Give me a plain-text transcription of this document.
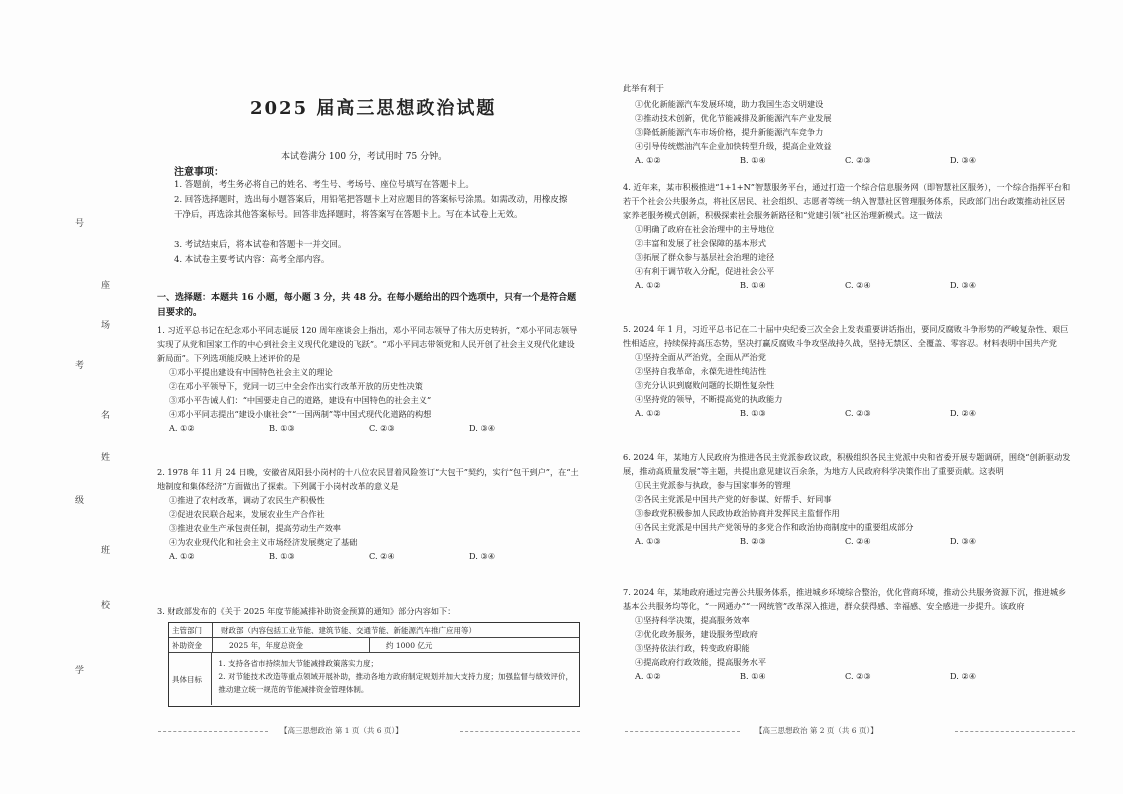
号
座
场
考
名
姓
级
班
校
学
2025 届高三思想政治试题
本试卷满分 100 分，考试用时 75 分钟。
注意事项：
1. 答题前，考生务必将自己的姓名、考生号、考场号、座位号填写在答题卡上。
2. 回答选择题时，选出每小题答案后，用铅笔把答题卡上对应题目的答案标号涂黑。如需改动，用橡皮擦干净后，再选涂其他答案标号。回答非选择题时，将答案写在答题卡上。写在本试卷上无效。
3. 考试结束后，将本试卷和答题卡一并交回。
4. 本试卷主要考试内容：高考全部内容。
一、选择题：本题共 16 小题，每小题 3 分，共 48 分。在每小题给出的四个选项中，只有一个是符合题目要求的。
1. 习近平总书记在纪念邓小平同志诞辰 120 周年座谈会上指出，邓小平同志领导了伟大历史转折，“邓小平同志领导实现了从党和国家工作的中心到社会主义现代化建设的飞跃”。“邓小平同志带领党和人民开创了社会主义现代化建设新局面”。下列选项能反映上述评价的是
①邓小平提出建设有中国特色社会主义的理论
②在邓小平领导下，党同一切三中全会作出实行改革开放的历史性决策
③邓小平告诫人们：“中国要走自己的道路，建设有中国特色的社会主义”
④邓小平同志提出“建设小康社会”“一国两制”等中国式现代化道路的构想
A. ①②	B. ①③	C. ②③	D. ③④
2. 1978 年 11 月 24 日晚，安徽省凤阳县小岗村的十八位农民冒着风险签订“大包干”契约，实行“包干到户”，在“土地制度和集体经济”方面做出了探索。下列属于小岗村改革的意义是
①推进了农村改革，调动了农民生产积极性
②促进农民联合起来，发展农业生产合作社
③推进农业生产承包责任制，提高劳动生产效率
④为农业现代化和社会主义市场经济发展奠定了基础
A. ①②	B. ①③	C. ②④	D. ③④
3. 财政部发布的《关于 2025 年度节能减排补助资金预算的通知》部分内容如下：
主管部门	财政部（内容包括工业节能、建筑节能、交通节能、新能源汽车推广应用等）
补助资金	2025 年，年度总资金	约 1000 亿元
具体目标
1. 支持各省市持续加大节能减排政策落实力度；
2. 对节能技术改造等重点领域开展补助，推动各地方政府制定规划并加大支持力度；加强监督与绩效评价，推动建立统一规范的节能减排资金管理体制。
【高三思想政治 第 1 页（共 6 页）】
此举有利于
①优化新能源汽车发展环境，助力我国生态文明建设
②推动技术创新，优化节能减排及新能源汽车产业发展
③降低新能源汽车市场价格，提升新能源汽车竞争力
④引导传统燃油汽车企业加快转型升级，提高企业效益
A. ①②	B. ①④	C. ②③	D. ③④
4. 近年来，某市积极推进“1+1+N”智慧服务平台，通过打造一个综合信息服务网（即智慧社区服务），一个综合指挥平台和若干个社会公共服务点，将社区居民、社会组织、志愿者等统一纳入智慧社区管理服务体系，民政部门出台政策推动社区居家养老服务模式创新，积极探索社会服务新路径和“党建引领”社区治理新模式。这一做法
①明确了政府在社会治理中的主导地位
②丰富和发展了社会保障的基本形式
③拓展了群众参与基层社会治理的途径
④有利于调节收入分配，促进社会公平
A. ①②	B. ①④	C. ②④	D. ③④
5. 2024 年 1 月，习近平总书记在二十届中央纪委三次全会上发表重要讲话指出，要同反腐败斗争形势的严峻复杂性、艰巨性相适应，持续保持高压态势，坚决打赢反腐败斗争攻坚战持久战，坚持无禁区、全覆盖、零容忍。材料表明中国共产党
①坚持全面从严治党，全面从严治党
②坚持自我革命，永葆先进性纯洁性
③充分认识到腐败问题的长期性复杂性
④坚持党的领导，不断提高党的执政能力
A. ①②	B. ①③	C. ②③	D. ②④
6. 2024 年，某地方人民政府为推进各民主党派参政议政，积极组织各民主党派中央和省委开展专题调研，围绕“创新驱动发展，推动高质量发展”等主题，共提出意见建议百余条，为地方人民政府科学决策作出了重要贡献。这表明
①民主党派参与执政，参与国家事务的管理
②各民主党派是中国共产党的好参谋、好帮手、好同事
③参政党积极参加人民政协政治协商并发挥民主监督作用
④各民主党派是中国共产党领导的多党合作和政治协商制度中的重要组成部分
A. ①③	B. ②③	C. ②④	D. ③④
7. 2024 年，某地政府通过完善公共服务体系，推进城乡环境综合整治，优化营商环境，推动公共服务资源下沉，推进城乡基本公共服务均等化，“一网通办”“一网统管”改革深入推进，群众获得感、幸福感、安全感进一步提升。该政府
①坚持科学决策，提高服务效率
②优化政务服务，建设服务型政府
③坚持依法行政，转变政府职能
④提高政府行政效能，提高服务水平
A. ①②	B. ①④	C. ②③	D. ②④
【高三思想政治 第 2 页（共 6 页）】
